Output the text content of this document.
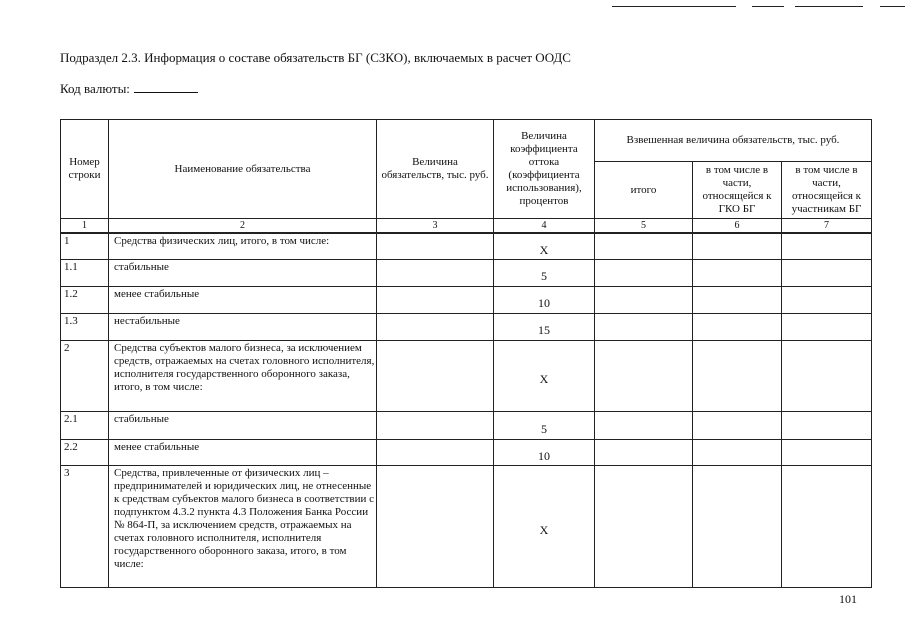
Подраздел 2.3. Информация о составе обязательств БГ (СЗКО), включаемых в расчет ООДС
Код валюты:
Номер строки	Наименование обязательства	Величина обязательств, тыс. руб.	Величина коэффициента оттока (коэффициента использования), процентов	Взвешенная величина обязательств, тыс. руб.		
				итого	в том числе в части, относящейся к ГКО БГ	в том числе в части, относящейся к участникам БГ
1	2	3	4	5	6	7
1	Средства физических лиц, итого, в том числе:		Х			
1.1	стабильные		5			
1.2	менее стабильные		10			
1.3	нестабильные		15			
2	Средства субъектов малого бизнеса, за исключением средств, отражаемых на счетах головного исполнителя, исполнителя государственного оборонного заказа, итого, в том числе:		Х			
2.1	стабильные		5			
2.2	менее стабильные		10			
3	Средства, привлеченные от физических лиц – предпринимателей и юридических лиц, не отнесенные к средствам субъектов малого бизнеса в соответствии с подпунктом 4.3.2 пункта 4.3 Положения Банка России № 864-П, за исключением средств, отражаемых на счетах головного исполнителя, исполнителя государственного оборонного заказа, итого, в том числе:		Х			
101
